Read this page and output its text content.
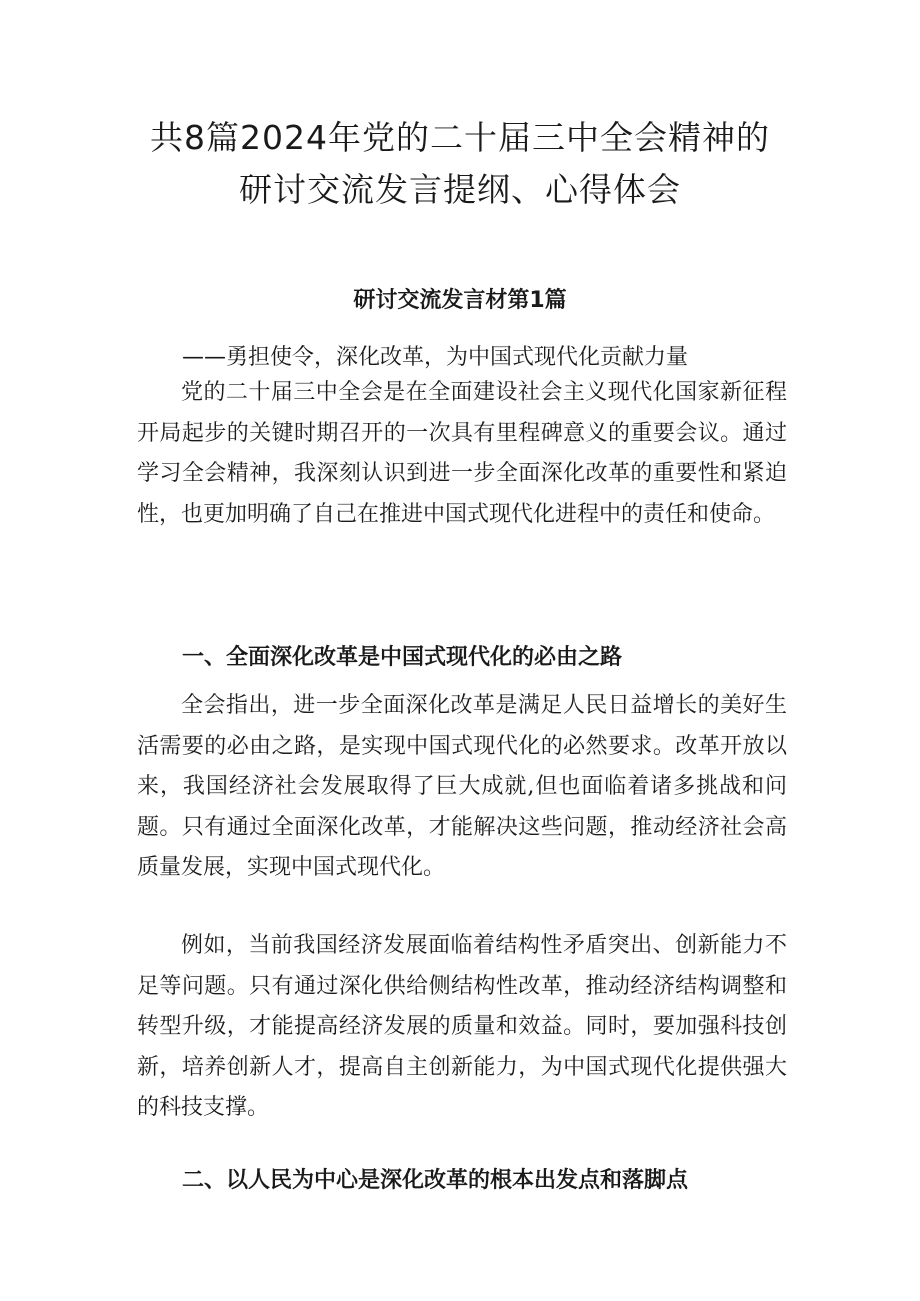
共8篇2024年党的二十届三中全会精神的
研讨交流发言提纲、心得体会
研讨交流发言材第1篇

——勇担使令，深化改革，为中国式现代化贡献力量

党的二十届三中全会是在全面建设社会主义现代化国家新征程开局起步的关键时期召开的一次具有里程碑意义的重要会议。通过学习全会精神，我深刻认识到进一步全面深化改革的重要性和紧迫性，也更加明确了自己在推进中国式现代化进程中的责任和使命。

一、全面深化改革是中国式现代化的必由之路

全会指出，进一步全面深化改革是满足人民日益增长的美好生活需要的必由之路，是实现中国式现代化的必然要求。改革开放以来，我国经济社会发展取得了巨大成就,但也面临着诸多挑战和问题。只有通过全面深化改革，才能解决这些问题，推动经济社会高质量发展，实现中国式现代化。

例如，当前我国经济发展面临着结构性矛盾突出、创新能力不足等问题。只有通过深化供给侧结构性改革，推动经济结构调整和转型升级，才能提高经济发展的质量和效益。同时，要加强科技创新，培养创新人才，提高自主创新能力，为中国式现代化提供强大的科技支撑。

二、以人民为中心是深化改革的根本出发点和落脚点
